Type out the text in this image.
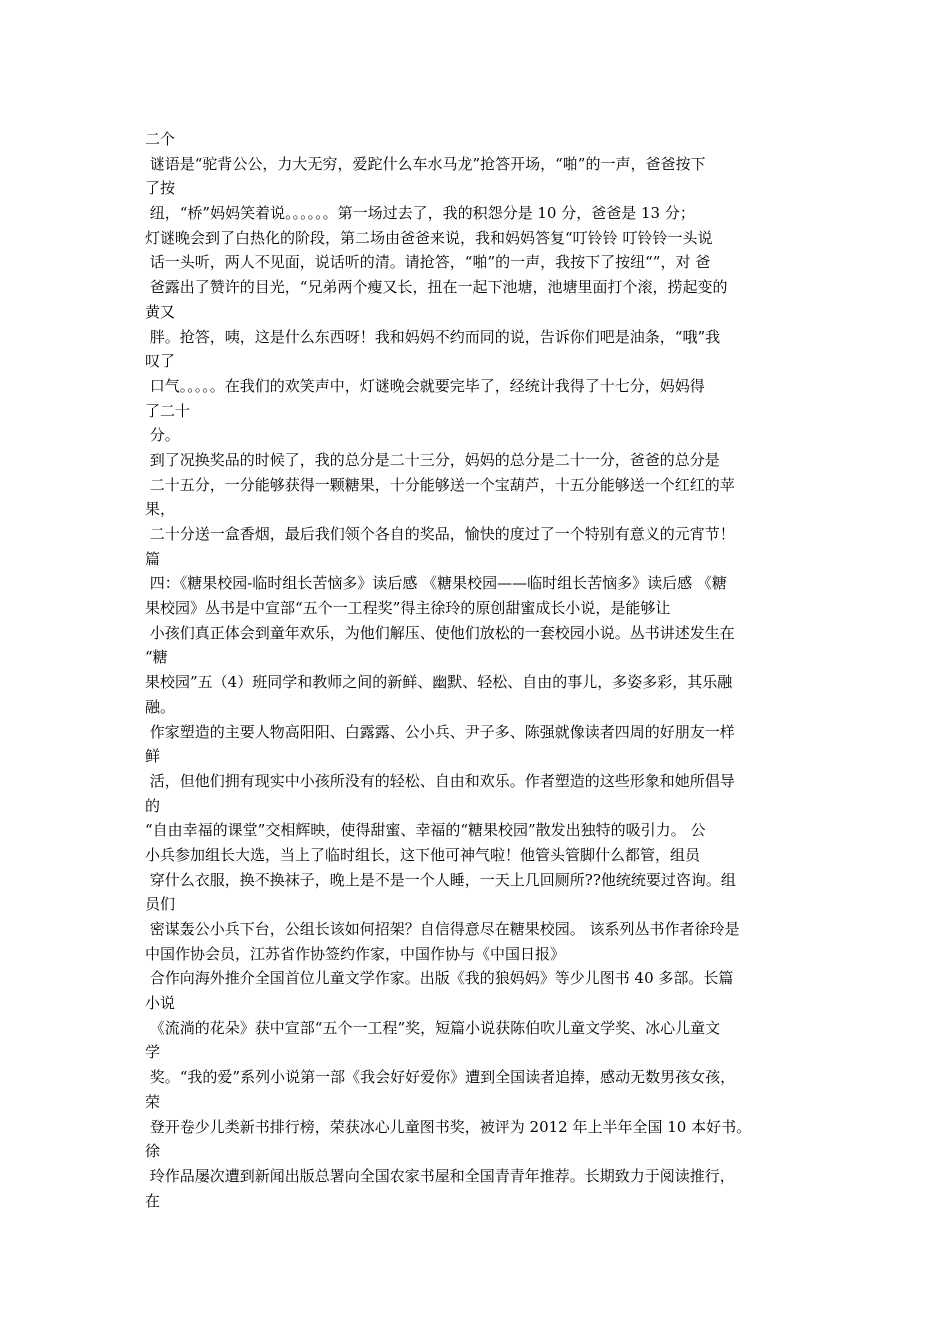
二个
谜语是“驼背公公，力大无穷，爱跎什么车水马龙”抢答开场，“啪”的一声，爸爸按下
了按
纽，“桥”妈妈笑着说。。。。。。第一场过去了，我的积怨分是 10 分，爸爸是 13 分；
灯谜晚会到了白热化的阶段，第二场由爸爸来说，我和妈妈答复“叮铃铃 叮铃铃一头说
话一头听，两人不见面，说话听的清。请抢答，“啪”的一声，我按下了按纽“”，对 爸
爸露出了赞许的目光，“兄弟两个瘦又长，扭在一起下池塘，池塘里面打个滚，捞起变的
黄又
胖。抢答，咦，这是什么东西呀！我和妈妈不约而同的说，告诉你们吧是油条，“哦”我
叹了
口气。。。。。在我们的欢笑声中，灯谜晚会就要完毕了，经统计我得了十七分，妈妈得
了二十
分。
到了况换奖品的时候了，我的总分是二十三分，妈妈的总分是二十一分，爸爸的总分是
二十五分，一分能够获得一颗糖果，十分能够送一个宝葫芦，十五分能够送一个红红的苹
果，
二十分送一盒香烟，最后我们领个各自的奖品，愉快的度过了一个特别有意义的元宵节！
篇
四：《糖果校园-临时组长苦恼多》读后感 《糖果校园——临时组长苦恼多》读后感 《糖
果校园》丛书是中宣部“五个一工程奖”得主徐玲的原创甜蜜成长小说，是能够让
小孩们真正体会到童年欢乐，为他们解压、使他们放松的一套校园小说。丛书讲述发生在
“糖
果校园”五（4）班同学和教师之间的新鲜、幽默、轻松、自由的事儿，多姿多彩，其乐融
融。
作家塑造的主要人物高阳阳、白露露、公小兵、尹子多、陈强就像读者四周的好朋友一样
鲜
活，但他们拥有现实中小孩所没有的轻松、自由和欢乐。作者塑造的这些形象和她所倡导
的
“自由幸福的课堂”交相辉映，使得甜蜜、幸福的“糖果校园”散发出独特的吸引力。 公
小兵参加组长大选，当上了临时组长，这下他可神气啦！他管头管脚什么都管，组员
穿什么衣服，换不换袜子，晚上是不是一个人睡，一天上几回厕所??他统统要过咨询。组
员们
密谋轰公小兵下台，公组长该如何招架？自信得意尽在糖果校园。 该系列丛书作者徐玲是
中国作协会员，江苏省作协签约作家，中国作协与《中国日报》
合作向海外推介全国首位儿童文学作家。出版《我的狼妈妈》等少儿图书 40 多部。长篇
小说
《流淌的花朵》获中宣部“五个一工程”奖，短篇小说获陈伯吹儿童文学奖、冰心儿童文
学
奖。“我的爱”系列小说第一部《我会好好爱你》遭到全国读者追捧，感动无数男孩女孩，
荣
登开卷少儿类新书排行榜，荣获冰心儿童图书奖，被评为 2012 年上半年全国 10 本好书。
徐
玲作品屡次遭到新闻出版总署向全国农家书屋和全国青青年推荐。长期致力于阅读推行，
在
